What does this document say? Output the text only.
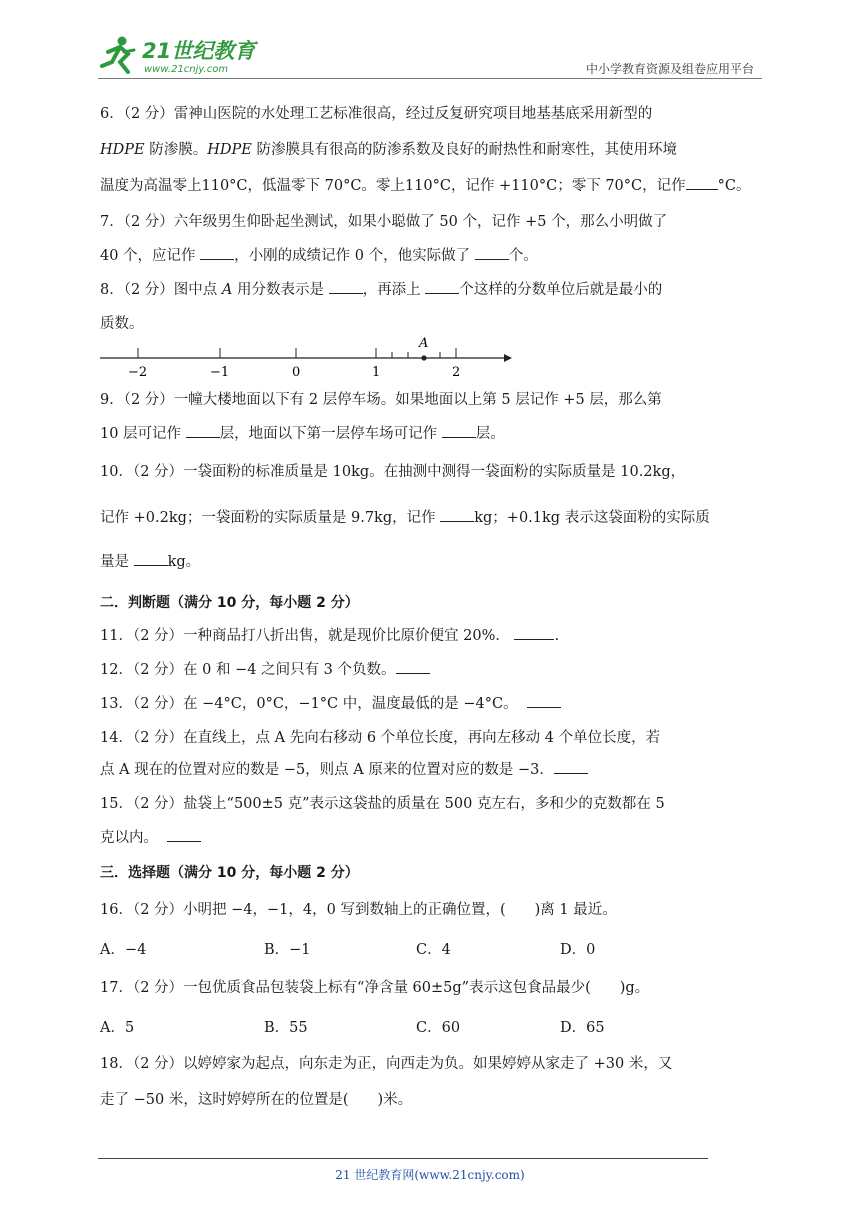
21世纪教育
www.21cnjy.com	中小学教育资源及组卷应用平台
6．（2 分）雷神山医院的水处理工艺标准很高，经过反复研究项目地基基底采用新型的
HDPE 防渗膜。HDPE 防渗膜具有很高的防渗系数及良好的耐热性和耐寒性，其使用环境
温度为高温零上110°C，低温零下 70°C。零上110°C，记作 +110°C；零下 70°C，记作 °C。
7．（2 分）六年级男生仰卧起坐测试，如果小聪做了 50 个，记作 +5 个，那么小明做了
40 个，应记作 ，小刚的成绩记作 0 个，他实际做了 个。
8．（2 分）图中点 A 用分数表示是 ，再添上 个这样的分数单位后就是最小的
质数。
9．（2 分）一幢大楼地面以下有 2 层停车场。如果地面以上第 5 层记作 +5 层，那么第
10 层可记作 层，地面以下第一层停车场可记作 层。
10．（2 分）一袋面粉的标准质量是 10kg。在抽测中测得一袋面粉的实际质量是 10.2kg，
记作 +0.2kg；一袋面粉的实际质量是 9.7kg，记作 kg；+0.1kg 表示这袋面粉的实际质
量是 kg。
二．判断题（满分 10 分，每小题 2 分）
11．（2 分）一种商品打八折出售，就是现价比原价便宜 20%．	.
12．（2 分）在 0 和 −4 之间只有 3 个负数。
13．（2 分）在 −4°C，0°C，−1°C 中，温度最低的是 −4°C。
14．（2 分）在直线上，点 A 先向右移动 6 个单位长度，再向左移动 4 个单位长度，若
点 A 现在的位置对应的数是 −5，则点 A 原来的位置对应的数是 −3．
15．（2 分）盐袋上“500±5 克”表示这袋盐的质量在 500 克左右，多和少的克数都在 5
克以内。
三．选择题（满分 10 分，每小题 2 分）
16．（2 分）小明把 −4，−1，4，0 写到数轴上的正确位置，(　　)离 1 最近。
A．−4	B．−1	C．4	D．0
17．（2 分）一包优质食品包装袋上标有“净含量 60±5g”表示这包食品最少(　　)g。
A．5	B．55	C．60	D．65
18．（2 分）以婷婷家为起点，向东走为正，向西走为负。如果婷婷从家走了 +30 米，又
走了 −50 米，这时婷婷所在的位置是(　　)米。
A
−2	−1	0	1	2
21 世纪教育网(www.21cnjy.com)
